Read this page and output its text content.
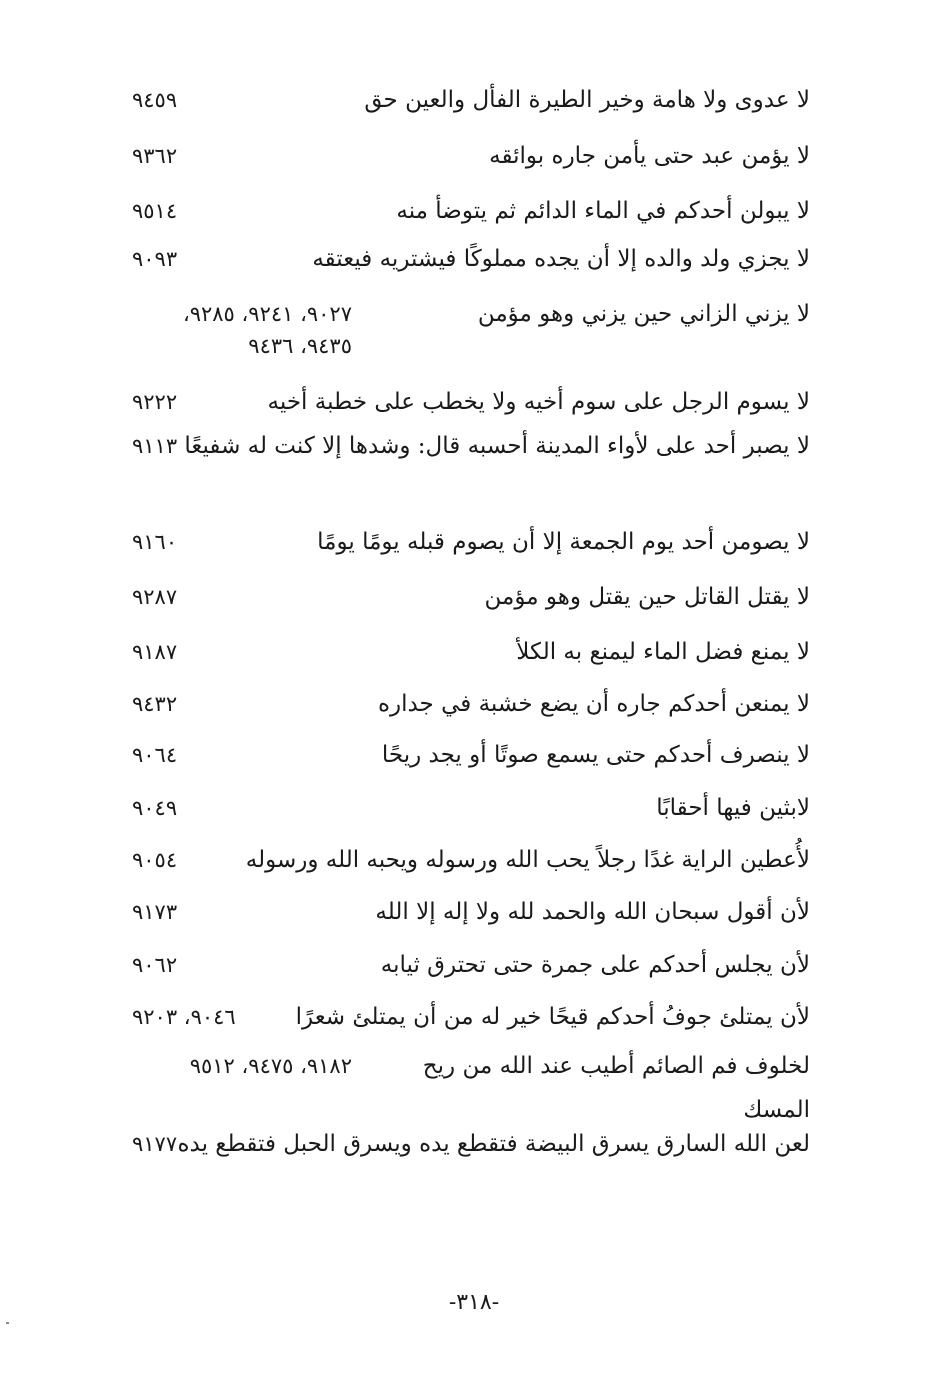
لا عدوى ولا هامة وخير الطيرة الفأل والعين حق
٩٤٥٩
لا يؤمن عبد حتى يأمن جاره بوائقه
٩٣٦٢
لا يبولن أحدكم في الماء الدائم ثم يتوضأ منه
٩٥١٤
لا يجزي ولد والده إلا أن يجده مملوكًا فيشتريه فيعتقه
٩٠٩٣
لا يزني الزاني حين يزني وهو مؤمن
٩٠٢٧، ٩٢٤١، ٩٢٨٥، ٩٤٣٥، ٩٤٣٦
لا يسوم الرجل على سوم أخيه ولا يخطب على خطبة أخيه
٩٢٢٢
لا يصبر أحد على لأواء المدينة أحسبه قال: وشدها إلا كنت له شفيعًا
٩١١٣
لا يصومن أحد يوم الجمعة إلا أن يصوم قبله يومًا يومًا
٩١٦٠
لا يقتل القاتل حين يقتل وهو مؤمن
٩٢٨٧
لا يمنع فضل الماء ليمنع به الكلأ
٩١٨٧
لا يمنعن أحدكم جاره أن يضع خشبة في جداره
٩٤٣٢
لا ينصرف أحدكم حتى يسمع صوتًا أو يجد ريحًا
٩٠٦٤
لابثين فيها أحقابًا
٩٠٤٩
لأُعطين الراية غدًا رجلاً يحب الله ورسوله ويحبه الله ورسوله
٩٠٥٤
لأن أقول سبحان الله والحمد لله ولا إله إلا الله
٩١٧٣
لأن يجلس أحدكم على جمرة حتى تحترق ثيابه
٩٠٦٢
لأن يمتلئ جوفُ أحدكم قيحًا خير له من أن يمتلئ شعرًا
٩٠٤٦، ٩٢٠٣
لخلوف فم الصائم أطيب عند الله من ريح المسك
٩١٨٢، ٩٤٧٥، ٩٥١٢
لعن الله السارق يسرق البيضة فتقطع يده ويسرق الحبل فتقطع يده
٩١٧٧
-٣١٨-
